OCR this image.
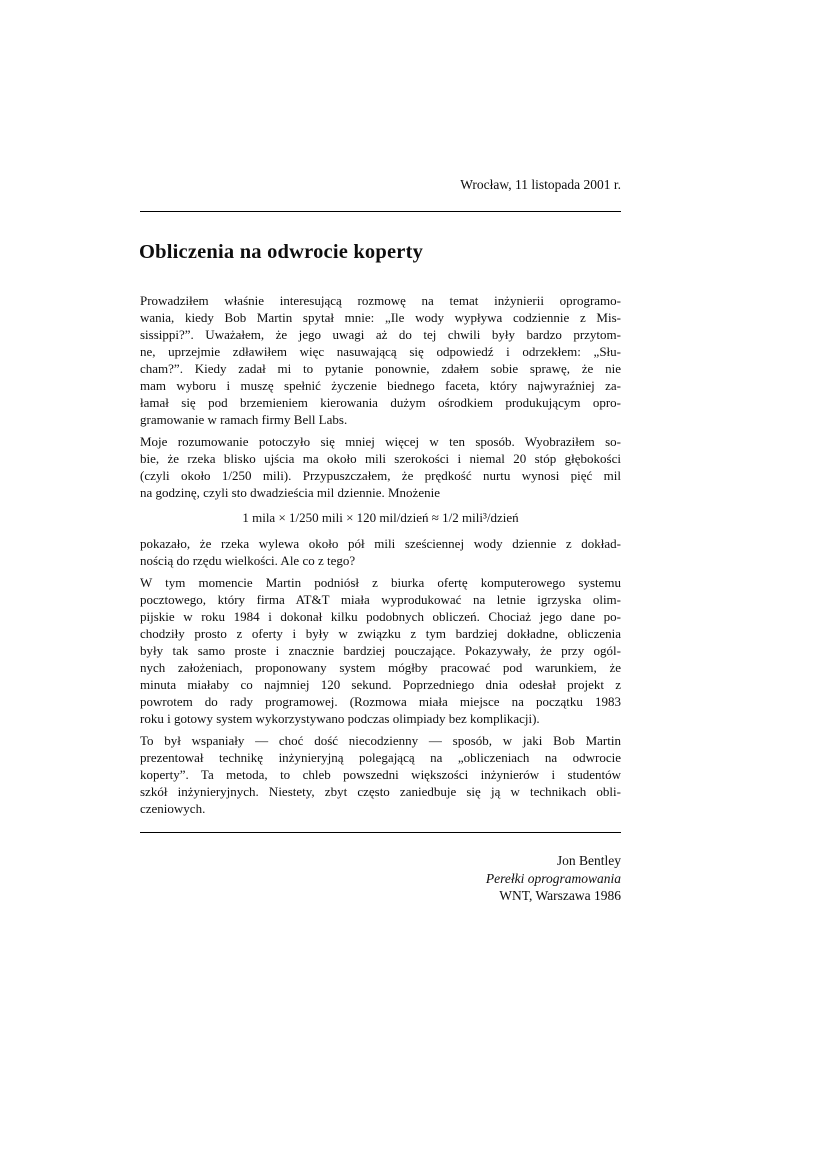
Wrocław, 11 listopada 2001 r.
Obliczenia na odwrocie koperty

Prowadziłem właśnie interesującą rozmowę na temat inżynierii oprogramo-
wania, kiedy Bob Martin spytał mnie: „Ile wody wypływa codziennie z Mis-
sissippi?”. Uważałem, że jego uwagi aż do tej chwili były bardzo przytom-
ne, uprzejmie zdławiłem więc nasuwającą się odpowiedź i odrzekłem: „Słu-
cham?”. Kiedy zadał mi to pytanie ponownie, zdałem sobie sprawę, że nie
mam wyboru i muszę spełnić życzenie biednego faceta, który najwyraźniej za-
łamał się pod brzemieniem kierowania dużym ośrodkiem produkującym opro-
gramowanie w ramach firmy Bell Labs.

Moje rozumowanie potoczyło się mniej więcej w ten sposób. Wyobraziłem so-
bie, że rzeka blisko ujścia ma około mili szerokości i niemal 20 stóp głębokości
(czyli około 1/250 mili). Przypuszczałem, że prędkość nurtu wynosi pięć mil
na godzinę, czyli sto dwadzieścia mil dziennie. Mnożenie

1 mila × 1/250 mili × 120 mil/dzień ≈ 1/2 mili³/dzień

pokazało, że rzeka wylewa około pół mili sześciennej wody dziennie z dokład-
nością do rzędu wielkości. Ale co z tego?

W tym momencie Martin podniósł z biurka ofertę komputerowego systemu
pocztowego, który firma AT&T miała wyprodukować na letnie igrzyska olim-
pijskie w roku 1984 i dokonał kilku podobnych obliczeń. Chociaż jego dane po-
chodziły prosto z oferty i były w związku z tym bardziej dokładne, obliczenia
były tak samo proste i znacznie bardziej pouczające. Pokazywały, że przy ogól-
nych założeniach, proponowany system mógłby pracować pod warunkiem, że
minuta miałaby co najmniej 120 sekund. Poprzedniego dnia odesłał projekt z
powrotem do rady programowej. (Rozmowa miała miejsce na początku 1983
roku i gotowy system wykorzystywano podczas olimpiady bez komplikacji).

To był wspaniały — choć dość niecodzienny — sposób, w jaki Bob Martin
prezentował technikę inżynieryjną polegającą na „obliczeniach na odwrocie
koperty”. Ta metoda, to chleb powszedni większości inżynierów i studentów
szkół inżynieryjnych. Niestety, zbyt często zaniedbuje się ją w technikach obli-
czeniowych.

Jon Bentley
Perełki oprogramowania
WNT, Warszawa 1986
